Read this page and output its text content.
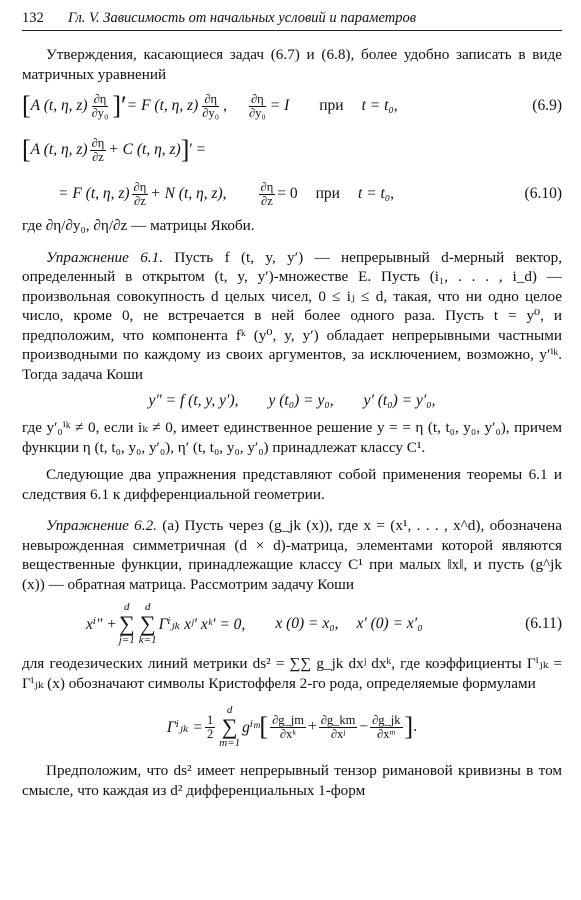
132	Гл. V. Зависимость от начальных условий и параметров

Утверждения, касающиеся задач (6.7) и (6.8), более удобно записать в виде матричных уравнений

[ A (t, η, $z) \frac{\partial\eta}{\text{∂y₀}}$ ]′ = F (t, η, $z) \frac{\partial\eta}{\text{∂y₀}}$ , $\frac{\partial\eta}{\text{∂y₀}} = I$ при t = t₀,	(6.9)
[ A (t, η, $z) \frac{\partial\eta}{\partial z} + C$ (t, η, z) ] ′ =
= F (t, η, $z) \frac{\partial\eta}{\partial z} + N$ (t, η, z),	$\frac{\partial\eta}{\partial z} = 0$ при t = t₀,	(6.10)

где ∂η/∂y₀, ∂η/∂z — матрицы Якоби.

Упражнение 6.1. Пусть f (t, y, y′) — непрерывный d-мерный вектор, определенный в открытом (t, y, y′)-множестве E. Пусть (i₁, . . . , i_d) — произвольная совокупность d целых чисел, 0 ≤ iⱼ ≤ d, такая, что ни одно целое число, кроме 0, не встречается в ней более одного раза. Пусть t = y⁰, и предположим, что компонента fᵏ (y⁰, y, y′) обладает непрерывными частными производными по каждому из своих аргументов, за исключением, возможно, y′ⁱᵏ. Тогда задача Коши

y″ = f (t, y, y′), y (t₀) = y₀, y′ (t₀) = y′₀,

где y′₀ⁱᵏ ≠ 0, если iₖ ≠ 0, имеет единственное решение y = = η (t, t₀, y₀, y′₀), причем функции η (t, t₀, y₀, y′₀), η′ (t, t₀, y₀, y′₀) принадлежат классу C¹.

Следующие два упражнения представляют собой применения теоремы 6.1 и следствия 6.1 к дифференциальной геометрии.

Упражнение 6.2. (a) Пусть через (g_jk (x)), где x = (x¹, . . . , x^d), обозначена невырожденная симметричная (d × d)-матрица, элементами которой являются вещественные функции, принадлежащие классу C¹ при малых ‖x‖, и пусть (g^jk (x)) — обратная матрица. Рассмотрим задачу Коши

xⁱ″ +
d
∑
j=1
d
∑
k=1
Γⁱⱼₖ xʲ′ xᵏ′ = 0, x (0) = x₀, x′ (0) = x′₀	(6.11)

для геодезических линий метрики ds² = ∑∑ g_jk dxʲ dxᵏ, где коэффициенты Γⁱⱼₖ = Γⁱⱼₖ (x) обозначают символы Кристоффеля 2-го рода, определяемые формулами

Γⁱⱼₖ = $\frac{1}{2}$
d
∑
m=1
gⁱᵐ [ $\frac{\partial g\_jm}{\text{∂xᵏ}} + \frac{\partial g\_km}{\text{∂xʲ}} - \frac{\partial g\_jk}{\text{∂xᵐ}}$ ] .

Предположим, что ds² имеет непрерывный тензор римановой кривизны в том смысле, что каждая из d² дифференциальных 1-форм
